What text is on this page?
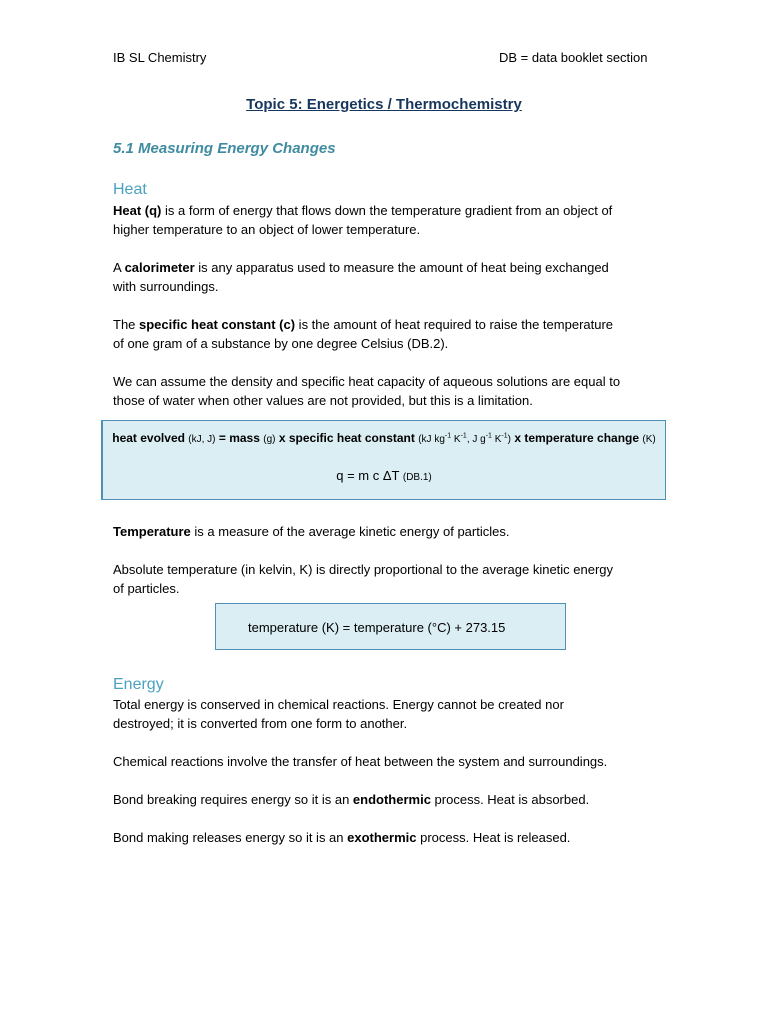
IB SL Chemistry	DB = data booklet section
Topic 5: Energetics / Thermochemistry
5.1 Measuring Energy Changes
Heat
Heat (q) is a form of energy that flows down the temperature gradient from an object of
higher temperature to an object of lower temperature.
A calorimeter is any apparatus used to measure the amount of heat being exchanged
with surroundings.
The specific heat constant (c) is the amount of heat required to raise the temperature
of one gram of a substance by one degree Celsius (DB.2).
We can assume the density and specific heat capacity of aqueous solutions are equal to
those of water when other values are not provided, but this is a limitation.
heat evolved (kJ, J) = mass (g) x specific heat constant (kJ $kg^{-1}$ $K^{-1}$, J $g^{-1}$ $K^{-1}$) x temperature change (K)
q = m c ΔT (DB.1)
Temperature is a measure of the average kinetic energy of particles.
Absolute temperature (in kelvin, K) is directly proportional to the average kinetic energy
of particles.
temperature (K) = temperature (°C) + 273.15
Energy
Total energy is conserved in chemical reactions. Energy cannot be created nor
destroyed; it is converted from one form to another.
Chemical reactions involve the transfer of heat between the system and surroundings.
Bond breaking requires energy so it is an endothermic process. Heat is absorbed.
Bond making releases energy so it is an exothermic process. Heat is released.
